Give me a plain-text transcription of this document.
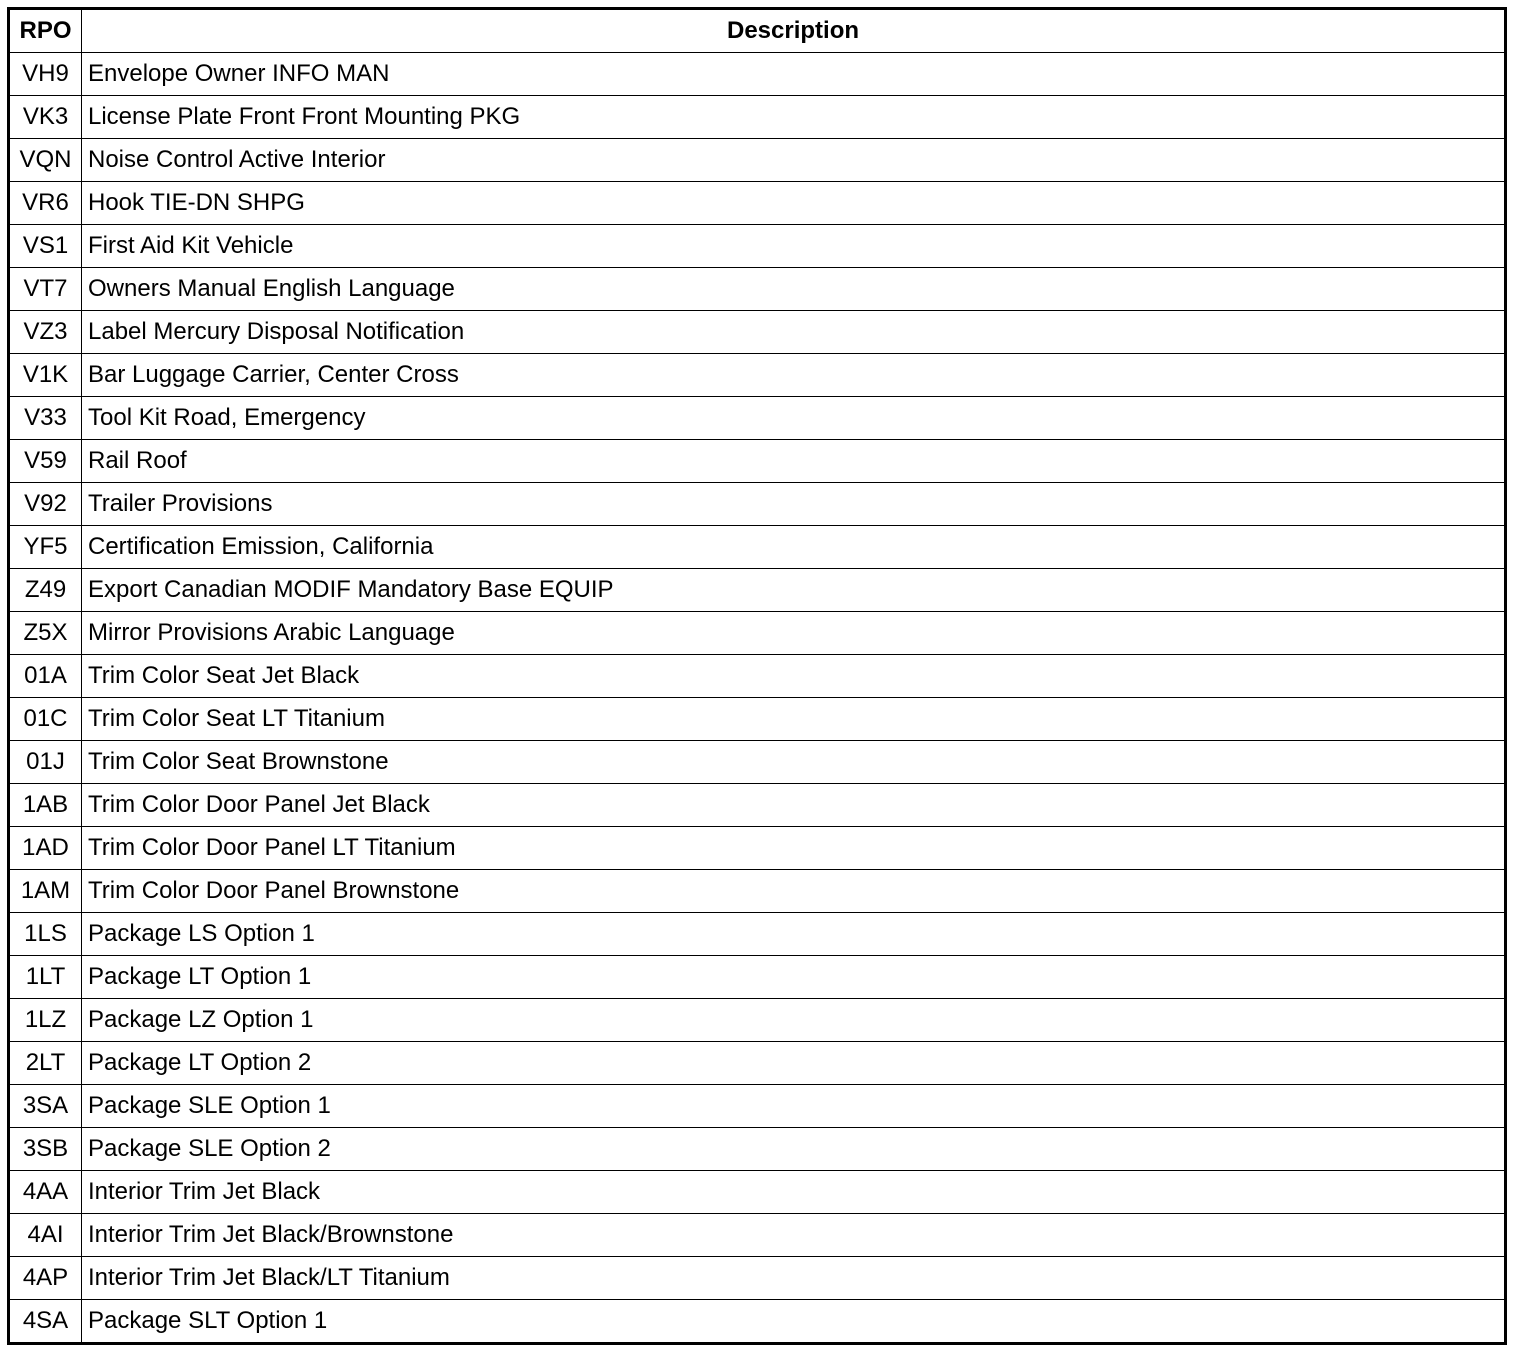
RPO	Description
VH9	Envelope Owner INFO MAN
VK3	License Plate Front Front Mounting PKG
VQN	Noise Control Active Interior
VR6	Hook TIE-DN SHPG
VS1	First Aid Kit Vehicle
VT7	Owners Manual English Language
VZ3	Label Mercury Disposal Notification
V1K	Bar Luggage Carrier, Center Cross
V33	Tool Kit Road, Emergency
V59	Rail Roof
V92	Trailer Provisions
YF5	Certification Emission, California
Z49	Export Canadian MODIF Mandatory Base EQUIP
Z5X	Mirror Provisions Arabic Language
01A	Trim Color Seat Jet Black
01C	Trim Color Seat LT Titanium
01J	Trim Color Seat Brownstone
1AB	Trim Color Door Panel Jet Black
1AD	Trim Color Door Panel LT Titanium
1AM	Trim Color Door Panel Brownstone
1LS	Package LS Option 1
1LT	Package LT Option 1
1LZ	Package LZ Option 1
2LT	Package LT Option 2
3SA	Package SLE Option 1
3SB	Package SLE Option 2
4AA	Interior Trim Jet Black
4AI	Interior Trim Jet Black/Brownstone
4AP	Interior Trim Jet Black/LT Titanium
4SA	Package SLT Option 1
